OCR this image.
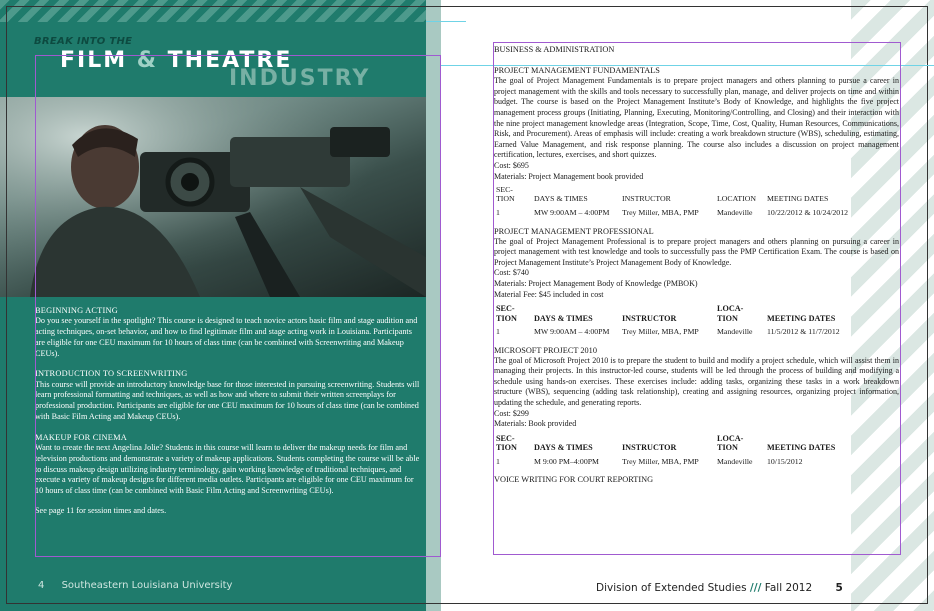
BREAK INTO THE
FILM & THEATRE
INDUSTRY
BEGINNING ACTING

Do you see yourself in the spotlight? This course is designed to teach novice actors basic film and stage audition and acting techniques, on-set behavior, and how to find legitimate film and stage acting work in Louisiana. Participants are eligible for one CEU maximum for 10 hours of class time (can be combined with Screenwriting and Makeup CEUs).

INTRODUCTION TO SCREENWRITING

This course will provide an introductory knowledge base for those interested in pursuing screenwriting. Students will learn professional formatting and techniques, as well as how and where to submit their written screenplays for professional production. Participants are eligible for one CEU maximum for 10 hours of class time (can be combined with Basic Film Acting and Makeup CEUs).

MAKEUP FOR CINEMA

Want to create the next Angelina Jolie? Students in this course will learn to deliver the makeup needs for film and television productions and demonstrate a variety of makeup applications. Students completing the course will be able to discuss makeup design utilizing industry terminology, gain working knowledge of traditional techniques, and execute a variety of makeup designs for different media outlets. Participants are eligible for one CEU maximum for 10 hours of class time (can be combined with Basic Film Acting and Screenwriting CEUs).

See page 11 for session times and dates.

4 Southeastern Louisiana University
BUSINESS & ADMINISTRATION
PROJECT MANAGEMENT FUNDAMENTALS
The goal of Project Management Fundamentals is to prepare project managers and others planning to pursue a career in project management with the skills and tools necessary to successfully plan, manage, and deliver projects on time and within budget. The course is based on the Project Management Institute’s Body of Knowledge, and highlights the five project management process groups (Initiating, Planning, Executing, Monitoring/Controlling, and Closing) and their interaction with the nine project management knowledge areas (Integration, Scope, Time, Cost, Quality, Human Resources, Communications, Risk, and Procurement). Areas of emphasis will include: creating a work breakdown structure (WBS), scheduling, estimating, Earned Value Management, and risk response planning. The course also includes a discussion on project management certification, lectures, exercises, and short quizzes.
Cost: $695
Materials: Project Management book provided
SEC-TION	DAYS & TIMES	INSTRUCTOR	LOCATION	MEETING DATES
1	MW 9:00AM – 4:00PM	Trey Miller, MBA, PMP	Mandeville	10/22/2012 & 10/24/2012
PROJECT MANAGEMENT PROFESSIONAL
The goal of Project Management Professional is to prepare project managers and others planning on pursuing a career in project management with test knowledge and tools to successfully pass the PMP Certification Exam. The course is based on Project Management Institute’s Project Management Body of Knowledge.
Cost: $740
Materials: Project Management Body of Knowledge (PMBOK)
Material Fee: $45 included in cost
SEC-TION	DAYS & TIMES	INSTRUCTOR	LOCA-TION	MEETING DATES
1	MW 9:00AM – 4:00PM	Trey Miller, MBA, PMP	Mandeville	11/5/2012 & 11/7/2012
MICROSOFT PROJECT 2010
The goal of Microsoft Project 2010 is to prepare the student to build and modify a project schedule, which will assist them in managing their projects. In this instructor-led course, students will be led through the process of building and modifying a schedule using hands-on exercises. These exercises include: adding tasks, organizing these tasks in a work breakdown structure (WBS), sequencing (adding task relationship), creating and assigning resources, organizing project information, updating the schedule, and generating reports.
Cost: $299
Materials: Book provided
SEC-TION	DAYS & TIMES	INSTRUCTOR	LOCA-TION	MEETING DATES
1	M 9:00 PM–4:00PM	Trey Miller, MBA, PMP	Mandeville	10/15/2012
VOICE WRITING FOR COURT REPORTING
Division of Extended Studies /// Fall 2012 5
